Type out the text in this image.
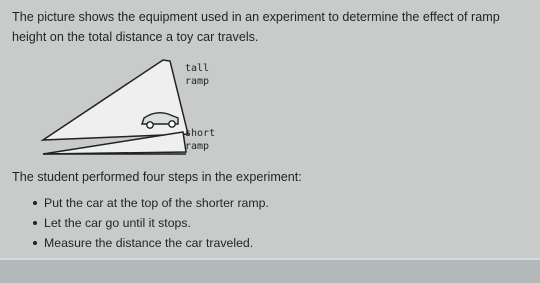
The picture shows the equipment used in an experiment to determine the effect of ramp height on the total distance a toy car travels.

tall
ramp
short
ramp

The student performed four steps in the experiment:

Put the car at the top of the shorter ramp.
Let the car go until it stops.
Measure the distance the car traveled.
